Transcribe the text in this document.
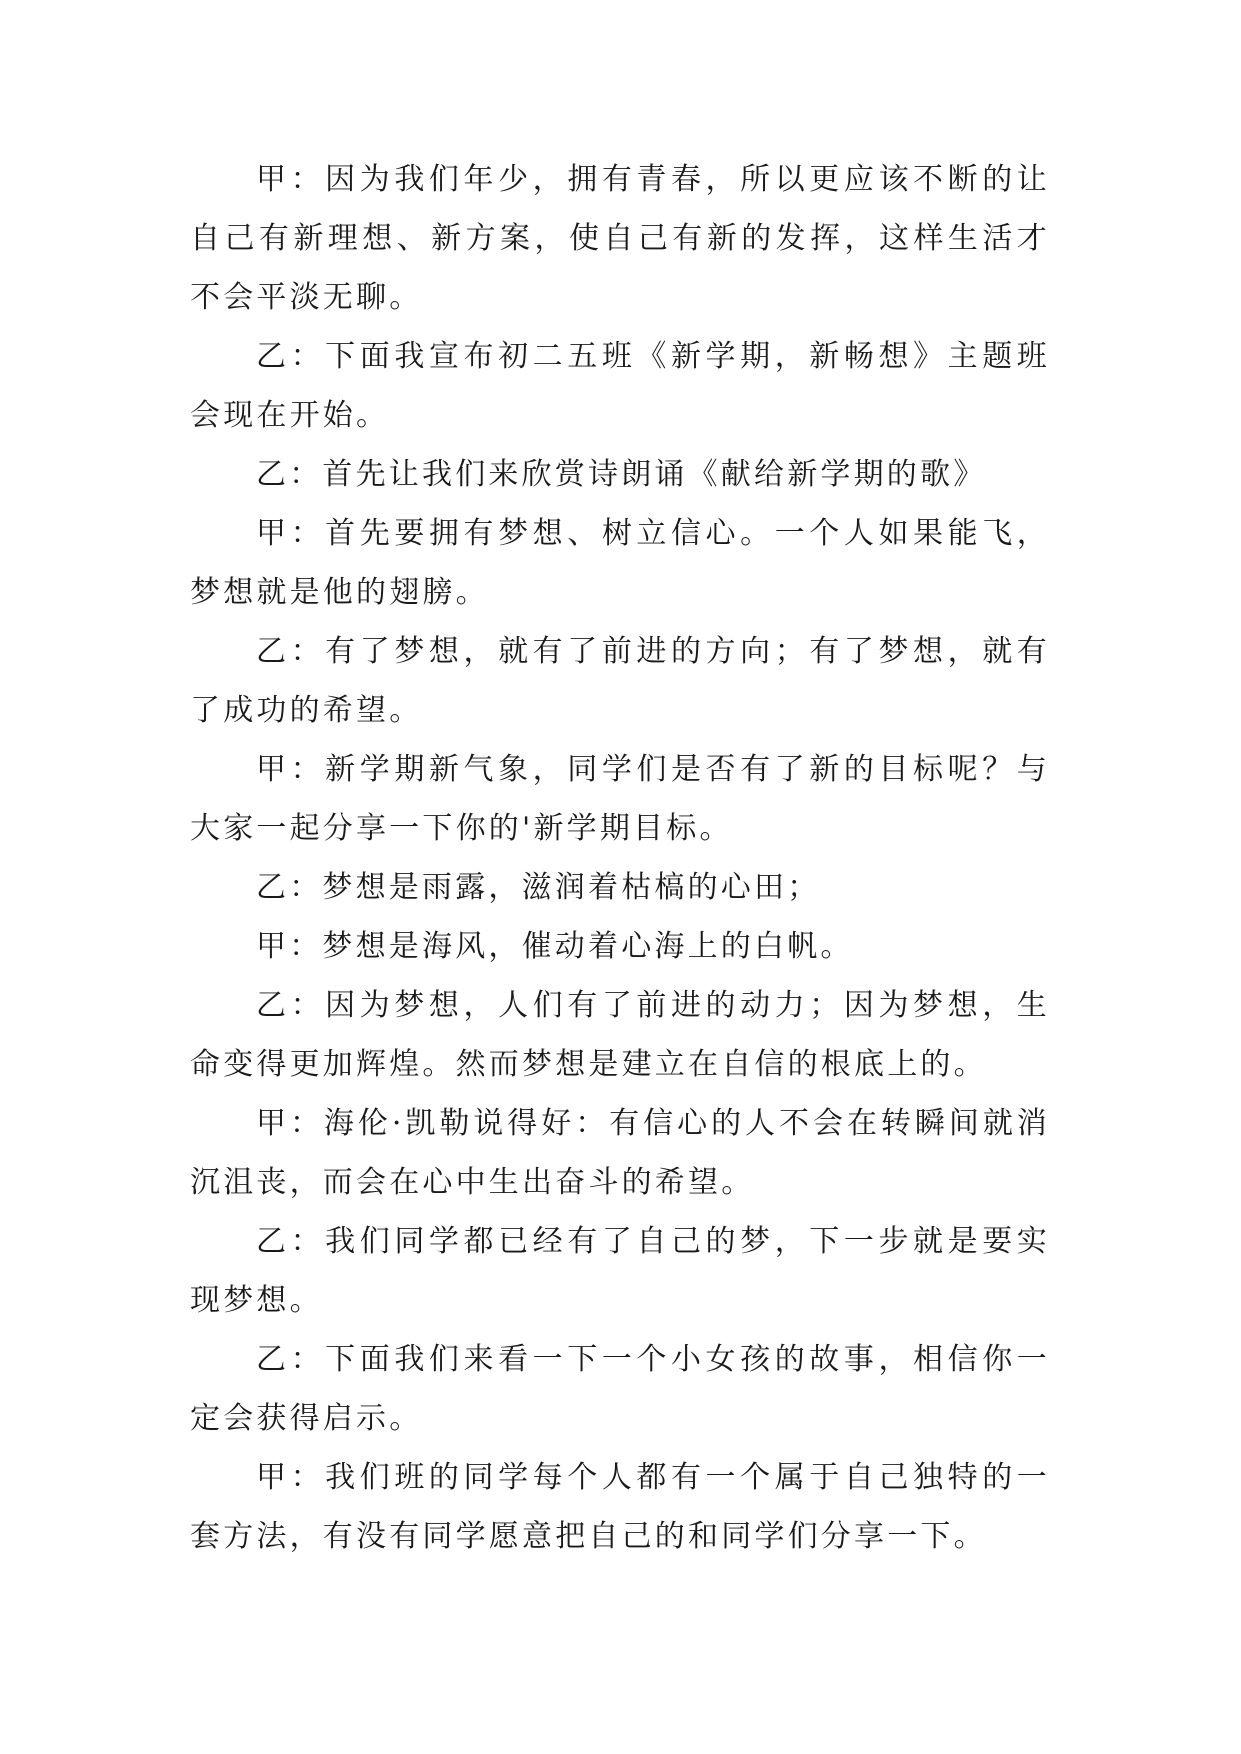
甲：因为我们年少，拥有青春，所以更应该不断的让自己有新理想、新方案，使自己有新的发挥，这样生活才不会平淡无聊。

乙：下面我宣布初二五班《新学期，新畅想》主题班会现在开始。

乙：首先让我们来欣赏诗朗诵《献给新学期的歌》

甲：首先要拥有梦想、树立信心。一个人如果能飞，梦想就是他的翅膀。

乙：有了梦想，就有了前进的方向；有了梦想，就有了成功的希望。

甲：新学期新气象，同学们是否有了新的目标呢？与大家一起分享一下你的'新学期目标。

乙：梦想是雨露，滋润着枯槁的心田；

甲：梦想是海风，催动着心海上的白帆。

乙：因为梦想，人们有了前进的动力；因为梦想，生命变得更加辉煌。然而梦想是建立在自信的根底上的。

甲：海伦·凯勒说得好：有信心的人不会在转瞬间就消沉沮丧，而会在心中生出奋斗的希望。

乙：我们同学都已经有了自己的梦，下一步就是要实现梦想。

乙：下面我们来看一下一个小女孩的故事，相信你一定会获得启示。

甲：我们班的同学每个人都有一个属于自己独特的一套方法，有没有同学愿意把自己的和同学们分享一下。
